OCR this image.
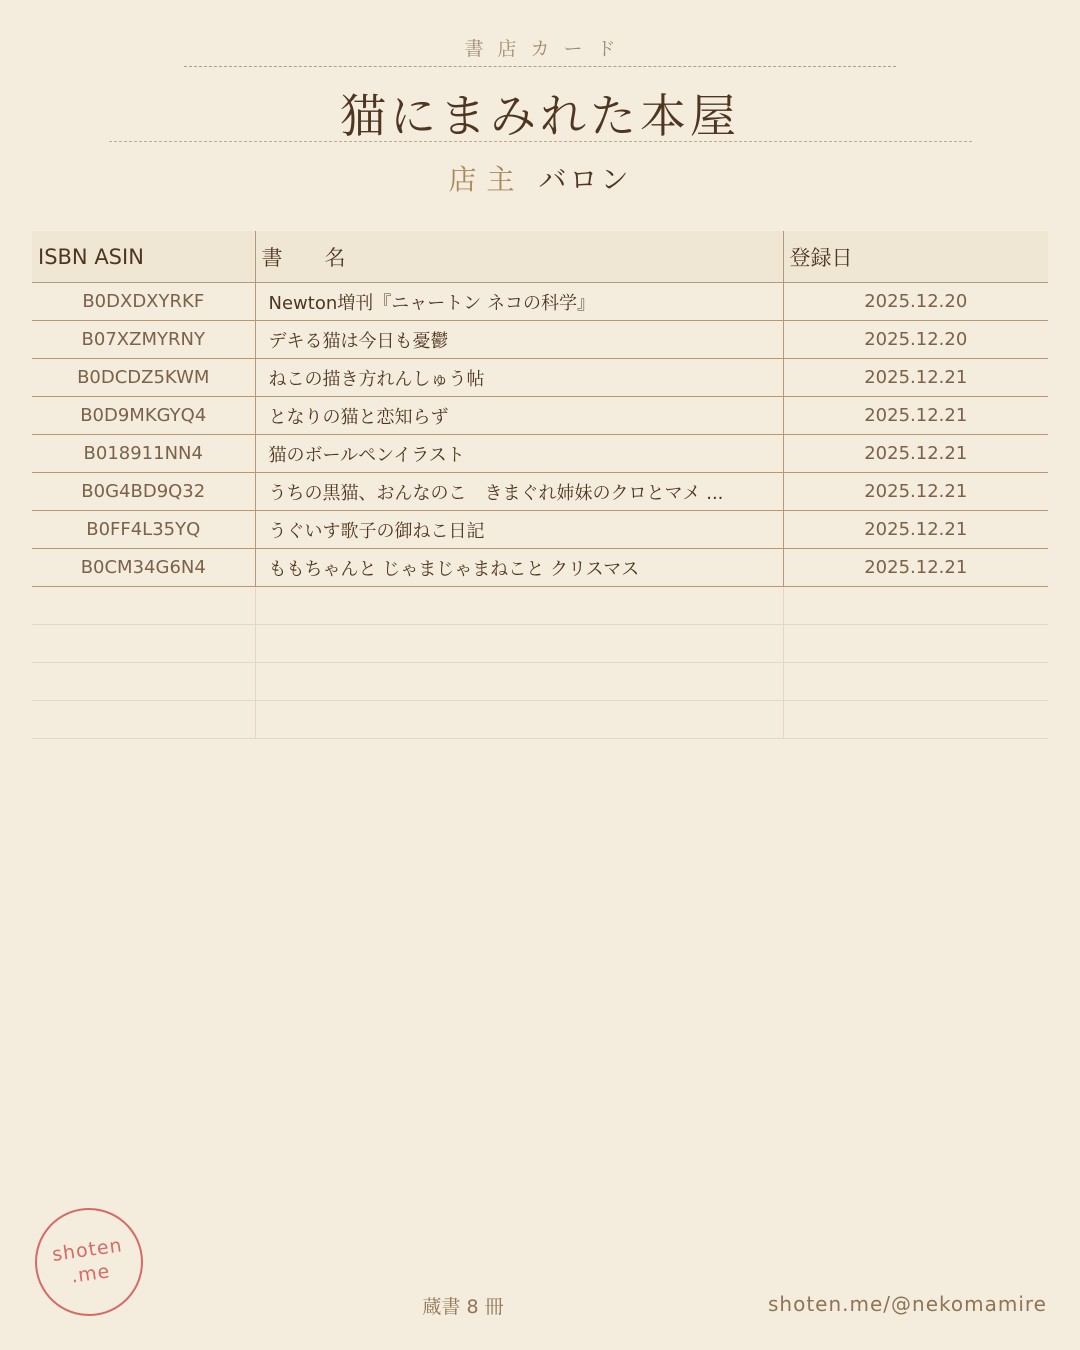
書店カード
猫にまみれた本屋
店主 バロン
ISBN ASIN	書　　名	登録日
B0DXDXYRKF	Newton増刊『ニャートン ネコの科学』	2025.12.20
B07XZMYRNY	デキる猫は今日も憂鬱	2025.12.20
B0DCDZ5KWM	ねこの描き方れんしゅう帖	2025.12.21
B0D9MKGYQ4	となりの猫と恋知らず	2025.12.21
B018911NN4	猫のボールペンイラスト	2025.12.21
B0G4BD9Q32	うちの黒猫、おんなのこ　きまぐれ姉妹のクロとマメ ...	2025.12.21
B0FF4L35YQ	うぐいす歌子の御ねこ日記	2025.12.21
B0CM34G6N4	ももちゃんと じゃまじゃまねこと クリスマス	2025.12.21

shoten
.me
蔵書 8 冊	shoten.me/@nekomamire
